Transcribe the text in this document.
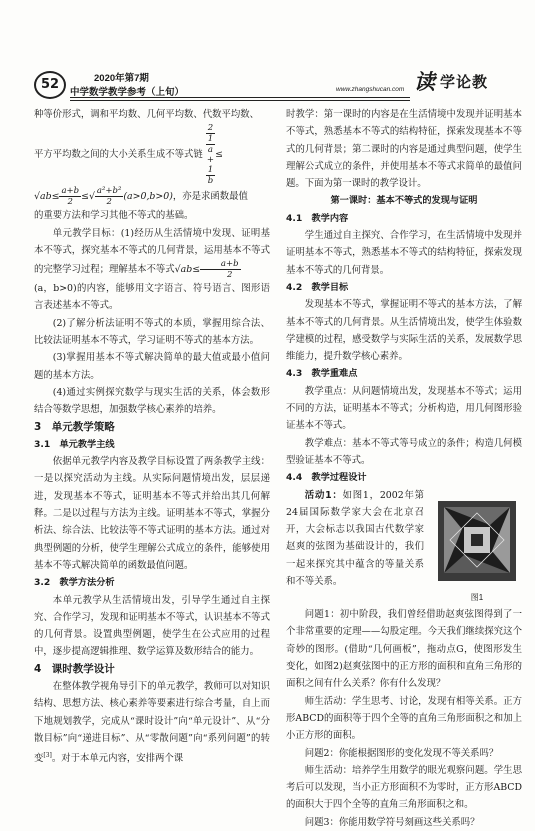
52	2020年第7期
中学数学教学参考（上旬）	www.zhangshucan.com 读 学论教

种等价形式，调和平均数、几何平均数、代数平均数、

平方平均数之间的大小关系生成不等式链 2
1
a
+
1
b ≤

$√ab\le \frac{a+b}{2}$ ≤√ $\frac{\text{a²+b²}}{2} (a>0,b>0)$，亦是求函数最值

的重要方法和学习其他不等式的基础。

单元教学目标：(1)经历从生活情境中发现、证明基本不等式，探究基本不等式的几何背景，运用基本不等式的完整学习过程；理解基本不等式$√ab\le \frac{a+b}{2}$

(a，b>0)的内容，能够用文字语言、符号语言、图形语言表述基本不等式。

(2)了解分析法证明不等式的本质，掌握用综合法、比较法证明基本不等式，学习证明不等式的基本方法。

(3)掌握用基本不等式解决简单的最大值或最小值问题的基本方法。

(4)通过实例探究数学与现实生活的关系，体会数形结合等数学思想，加强数学核心素养的培养。

3　单元教学策略

3.1　单元教学主线

依据单元教学内容及教学目标设置了两条教学主线：一是以探究活动为主线。从实际问题情境出发，层层递进，发现基本不等式，证明基本不等式并给出其几何解释。二是以过程与方法为主线。证明基本不等式，掌握分析法、综合法、比较法等不等式证明的基本方法。通过对典型例题的分析，使学生理解公式成立的条件，能够使用基本不等式解决简单的函数最值问题。

3.2　教学方法分析

本单元教学从生活情境出发，引导学生通过自主探究、合作学习，发现和证明基本不等式，认识基本不等式的几何背景。设置典型例题，使学生在公式应用的过程中，逐步提高逻辑推理、数学运算及数形结合的能力。

4　课时教学设计

在整体教学视角导引下的单元教学，教师可以对知识结构、思想方法、核心素养等要素进行综合考量，自上而下地规划教学，完成从“课时设计”向“单元设计”、从“分散目标”向“递进目标”、从“零散问题”向“系列问题”的转变[3]。对于本单元内容，安排两个课

时教学：第一课时的内容是在生活情境中发现并证明基本不等式，熟悉基本不等式的结构特征，探索发现基本不等式的几何背景；第二课时的内容是通过典型问题，使学生理解公式成立的条件，并使用基本不等式求简单的最值问题。下面为第一课时的教学设计。

第一课时：基本不等式的发现与证明

4.1　教学内容

学生通过自主探究、合作学习，在生活情境中发现并证明基本不等式，熟悉基本不等式的结构特征，探索发现基本不等式的几何背景。

4.2　教学目标

发现基本不等式，掌握证明不等式的基本方法，了解基本不等式的几何背景。从生活情境出发，使学生体验数学建模的过程，感受数学与实际生活的关系，发展数学思维能力，提升数学核心素养。

4.3　教学重难点

教学重点：从问题情境出发，发现基本不等式；运用不同的方法，证明基本不等式；分析构造，用几何图形验证基本不等式。

教学难点：基本不等式等号成立的条件；构造几何模型验证基本不等式。

4.4　教学过程设计

活动1：如图1，2002年第24届国际数学家大会在北京召开，大会标志以我国古代数学家赵爽的弦图为基础设计的，我们一起来探究其中蕴含的等量关系和不等关系。

图1

问题1：初中阶段，我们曾经借助赵爽弦图得到了一个非常重要的定理——勾股定理。今天我们继续探究这个奇妙的图形。(借助“几何画板”，拖动点G，使图形发生变化，如图2)赵爽弦图中的正方形的面积和直角三角形的面积之间有什么关系？你有什么发现？

师生活动：学生思考、讨论，发现有相等关系。正方形ABCD的面积等于四个全等的直角三角形面积之和加上小正方形的面积。

问题2：你能根据图形的变化发现不等关系吗？

师生活动：培养学生用数学的眼光观察问题。学生思考后可以发现，当小正方形面积不为零时，正方形ABCD的面积大于四个全等的直角三角形面积之和。

问题3：你能用数学符号刻画这些关系吗？
